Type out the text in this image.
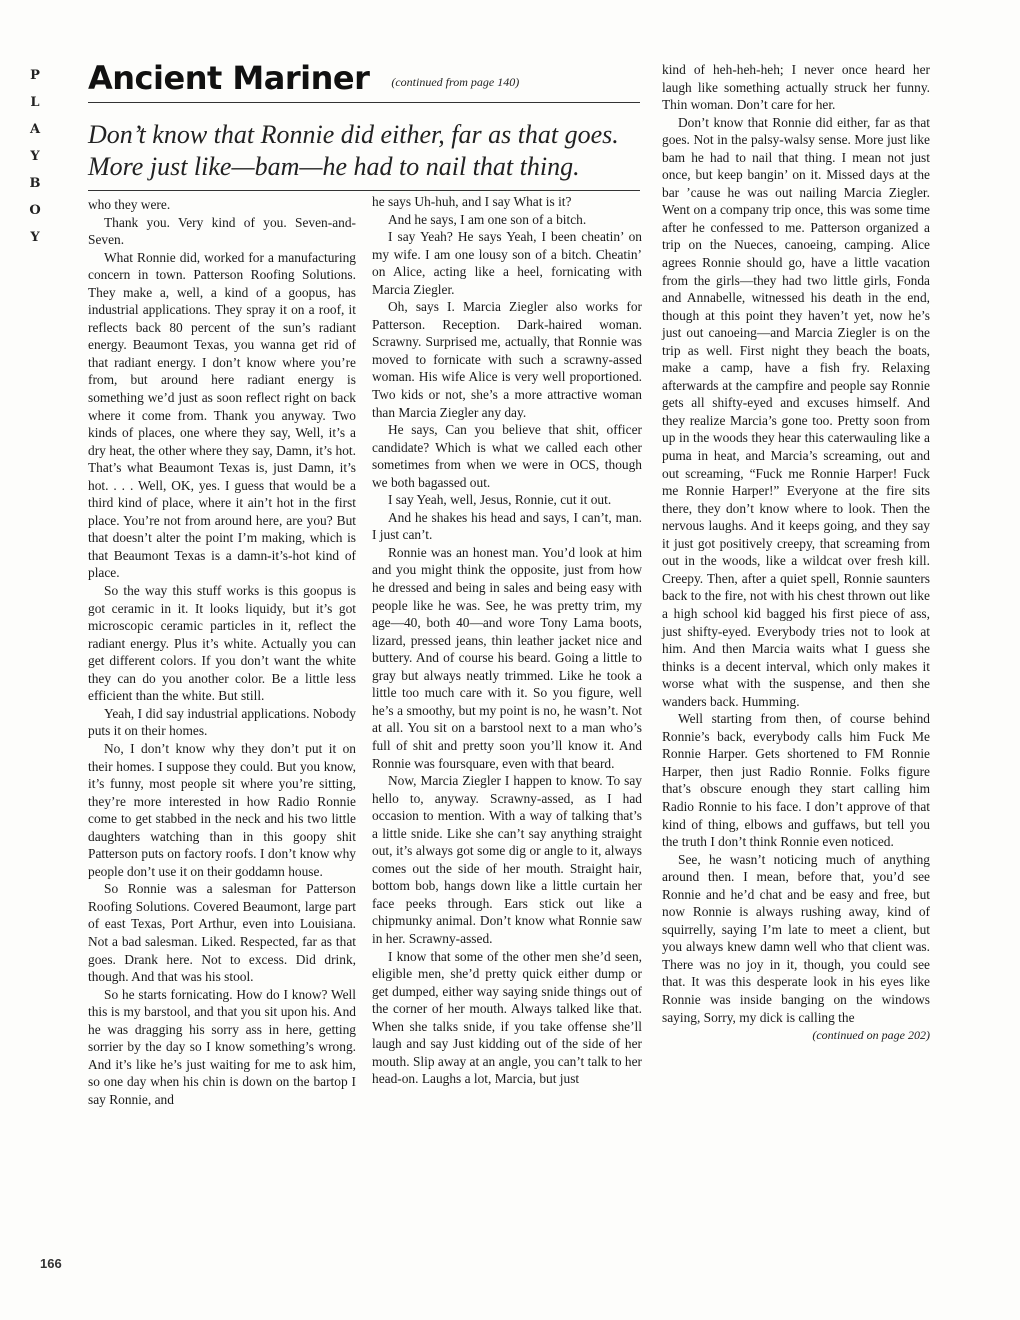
P
L
A
Y
B
O
Y
Ancient Mariner (continued from page 140)
Don’t know that Ronnie did either, far as that goes.
More just like—bam—he had to nail that thing.

who they were.

Thank you. Very kind of you. Seven-and-Seven.

What Ronnie did, worked for a manufacturing concern in town. Patterson Roofing Solutions. They make a, well, a kind of a goopus, has industrial applications. They spray it on a roof, it reflects back 80 percent of the sun’s radiant energy. Beaumont Texas, you wanna get rid of that radiant energy. I don’t know where you’re from, but around here radiant energy is something we’d just as soon reflect right on back where it come from. Thank you anyway. Two kinds of places, one where they say, Well, it’s a dry heat, the other where they say, Damn, it’s hot. That’s what Beaumont Texas is, just Damn, it’s hot. . . . Well, OK, yes. I guess that would be a third kind of place, where it ain’t hot in the first place. You’re not from around here, are you? But that doesn’t alter the point I’m making, which is that Beaumont Texas is a damn-it’s-hot kind of place.

So the way this stuff works is this goopus is got ceramic in it. It looks liquidy, but it’s got microscopic ceramic particles in it, reflect the radiant energy. Plus it’s white. Actually you can get different colors. If you don’t want the white they can do you another color. Be a little less efficient than the white. But still.

Yeah, I did say industrial applications. Nobody puts it on their homes.

No, I don’t know why they don’t put it on their homes. I suppose they could. But you know, it’s funny, most people sit where you’re sitting, they’re more interested in how Radio Ronnie come to get stabbed in the neck and his two little daughters watching than in this goopy shit Patterson puts on factory roofs. I don’t know why people don’t use it on their goddamn house.

So Ronnie was a salesman for Patterson Roofing Solutions. Covered Beaumont, large part of east Texas, Port Arthur, even into Louisiana. Not a bad salesman. Liked. Respected, far as that goes. Drank here. Not to excess. Did drink, though. And that was his stool.

So he starts fornicating. How do I know? Well this is my barstool, and that you sit upon his. And he was dragging his sorry ass in here, getting sorrier by the day so I know something’s wrong. And it’s like he’s just waiting for me to ask him, so one day when his chin is down on the bartop I say Ronnie, and

he says Uh-huh, and I say What is it?

And he says, I am one son of a bitch.

I say Yeah? He says Yeah, I been cheatin’ on my wife. I am one lousy son of a bitch. Cheatin’ on Alice, acting like a heel, fornicating with Marcia Ziegler.

Oh, says I. Marcia Ziegler also works for Patterson. Reception. Dark-haired woman. Scrawny. Surprised me, actually, that Ronnie was moved to fornicate with such a scrawny-assed woman. His wife Alice is very well proportioned. Two kids or not, she’s a more attractive woman than Marcia Ziegler any day.

He says, Can you believe that shit, officer candidate? Which is what we called each other sometimes from when we were in OCS, though we both bagassed out.

I say Yeah, well, Jesus, Ronnie, cut it out.

And he shakes his head and says, I can’t, man. I just can’t.

Ronnie was an honest man. You’d look at him and you might think the opposite, just from how he dressed and being in sales and being easy with people like he was. See, he was pretty trim, my age—40, both 40—and wore Tony Lama boots, lizard, pressed jeans, thin leather jacket nice and buttery. And of course his beard. Going a little to gray but always neatly trimmed. Like he took a little too much care with it. So you figure, well he’s a smoothy, but my point is no, he wasn’t. Not at all. You sit on a barstool next to a man who’s full of shit and pretty soon you’ll know it. And Ronnie was foursquare, even with that beard.

Now, Marcia Ziegler I happen to know. To say hello to, anyway. Scrawny-assed, as I had occasion to mention. With a way of talking that’s a little snide. Like she can’t say anything straight out, it’s always got some dig or angle to it, always comes out the side of her mouth. Straight hair, bottom bob, hangs down like a little curtain her face peeks through. Ears stick out like a chipmunky animal. Don’t know what Ronnie saw in her. Scrawny-assed.

I know that some of the other men she’d seen, eligible men, she’d pretty quick either dump or get dumped, either way saying snide things out of the corner of her mouth. Always talked like that. When she talks snide, if you take offense she’ll laugh and say Just kidding out of the side of her mouth. Slip away at an angle, you can’t talk to her head-on. Laughs a lot, Marcia, but just

kind of heh-heh-heh; I never once heard her laugh like something actually struck her funny. Thin woman. Don’t care for her.

Don’t know that Ronnie did either, far as that goes. Not in the palsy-walsy sense. More just like bam he had to nail that thing. I mean not just once, but keep bangin’ on it. Missed days at the bar ’cause he was out nailing Marcia Ziegler. Went on a company trip once, this was some time after he confessed to me. Patterson organized a trip on the Nueces, canoeing, camping. Alice agrees Ronnie should go, have a little vacation from the girls—they had two little girls, Fonda and Annabelle, witnessed his death in the end, though at this point they haven’t yet, now he’s just out canoeing—and Marcia Ziegler is on the trip as well. First night they beach the boats, make a camp, have a fish fry. Relaxing afterwards at the campfire and people say Ronnie gets all shifty-eyed and excuses himself. And they realize Marcia’s gone too. Pretty soon from up in the woods they hear this caterwauling like a puma in heat, and Marcia’s screaming, out and out screaming, “Fuck me Ronnie Harper! Fuck me Ronnie Harper!” Everyone at the fire sits there, they don’t know where to look. Then the nervous laughs. And it keeps going, and they say it just got positively creepy, that screaming from out in the woods, like a wildcat over fresh kill. Creepy. Then, after a quiet spell, Ronnie saunters back to the fire, not with his chest thrown out like a high school kid bagged his first piece of ass, just shifty-eyed. Everybody tries not to look at him. And then Marcia waits what I guess she thinks is a decent interval, which only makes it worse what with the suspense, and then she wanders back. Humming.

Well starting from then, of course behind Ronnie’s back, everybody calls him Fuck Me Ronnie Harper. Gets shortened to FM Ronnie Harper, then just Radio Ronnie. Folks figure that’s obscure enough they start calling him Radio Ronnie to his face. I don’t approve of that kind of thing, elbows and guffaws, but tell you the truth I don’t think Ronnie even noticed.

See, he wasn’t noticing much of anything around then. I mean, before that, you’d see Ronnie and he’d chat and be easy and free, but now Ronnie is always rushing away, kind of squirrelly, saying I’m late to meet a client, but you always knew damn well who that client was. There was no joy in it, though, you could see that. It was this desperate look in his eyes like Ronnie was inside banging on the windows saying, Sorry, my dick is calling the

(continued on page 202)
166
